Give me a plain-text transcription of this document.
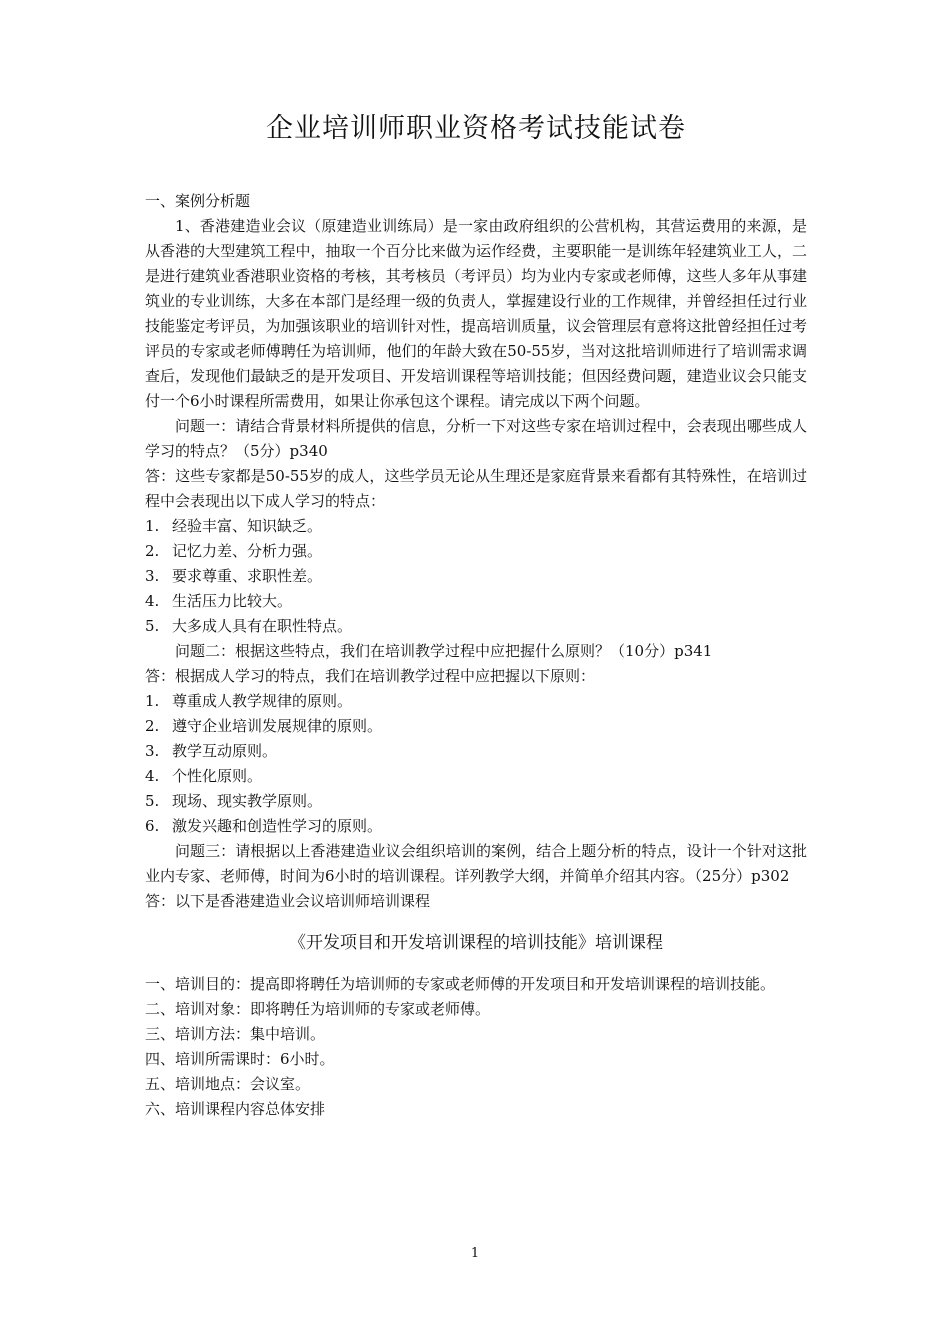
企业培训师职业资格考试技能试卷

一、案例分析题

1、香港建造业会议（原建造业训练局）是一家由政府组织的公营机构，其营运费用的来源，是从香港的大型建筑工程中，抽取一个百分比来做为运作经费，主要职能一是训练年轻建筑业工人，二是进行建筑业香港职业资格的考核，其考核员（考评员）均为业内专家或老师傅，这些人多年从事建筑业的专业训练，大多在本部门是经理一级的负责人，掌握建设行业的工作规律，并曾经担任过行业技能鉴定考评员，为加强该职业的培训针对性，提高培训质量，议会管理层有意将这批曾经担任过考评员的专家或老师傅聘任为培训师，他们的年龄大致在50-55岁，当对这批培训师进行了培训需求调查后，发现他们最缺乏的是开发项目、开发培训课程等培训技能；但因经费问题，建造业议会只能支付一个6小时课程所需费用，如果让你承包这个课程。请完成以下两个问题。

问题一：请结合背景材料所提供的信息，分析一下对这些专家在培训过程中，会表现出哪些成人学习的特点？（5分）p340

答：这些专家都是50-55岁的成人，这些学员无论从生理还是家庭背景来看都有其特殊性，在培训过程中会表现出以下成人学习的特点：

1. 经验丰富、知识缺乏。

2. 记忆力差、分析力强。

3. 要求尊重、求职性差。

4. 生活压力比较大。

5. 大多成人具有在职性特点。

问题二：根据这些特点，我们在培训教学过程中应把握什么原则？（10分）p341

答：根据成人学习的特点，我们在培训教学过程中应把握以下原则：

1. 尊重成人教学规律的原则。

2. 遵守企业培训发展规律的原则。

3. 教学互动原则。

4. 个性化原则。

5. 现场、现实教学原则。

6. 激发兴趣和创造性学习的原则。

问题三：请根据以上香港建造业议会组织培训的案例，结合上题分析的特点，设计一个针对这批业内专家、老师傅，时间为6小时的培训课程。详列教学大纲，并简单介绍其内容。（25分）p302

答：以下是香港建造业会议培训师培训课程

《开发项目和开发培训课程的培训技能》培训课程

一、培训目的：提高即将聘任为培训师的专家或老师傅的开发项目和开发培训课程的培训技能。

二、培训对象：即将聘任为培训师的专家或老师傅。

三、培训方法：集中培训。

四、培训所需课时：6小时。

五、培训地点：会议室。

六、培训课程内容总体安排

1
